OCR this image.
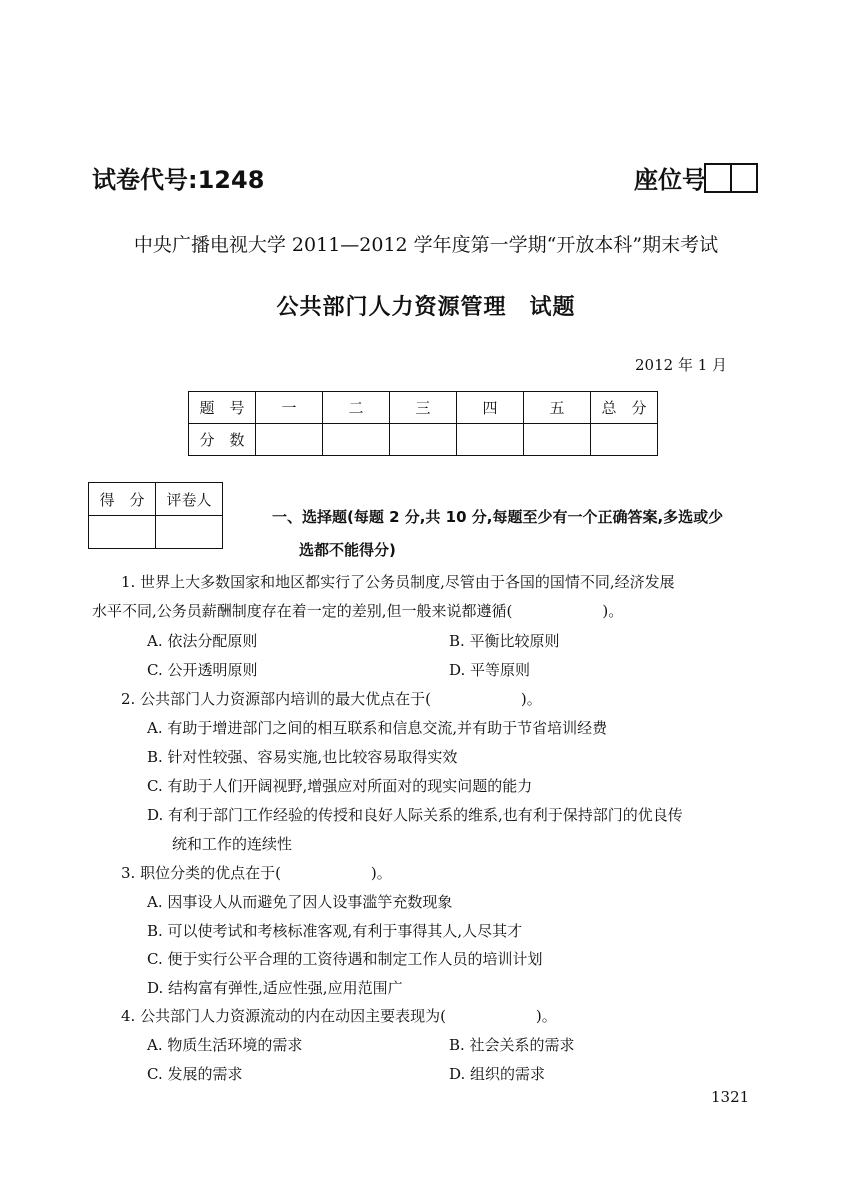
试卷代号:1248	座位号
中央广播电视大学 2011—2012 学年度第一学期“开放本科”期末考试
公共部门人力资源管理　试题
2012 年 1 月
题　号	一	二	三	四	五	总　分
分　数						
得　分	评卷人

一、选择题(每题 2 分,共 10 分,每题至少有一个正确答案,多选或少
选都不能得分)
1. 世界上大多数国家和地区都实行了公务员制度,尽管由于各国的国情不同,经济发展
水平不同,公务员薪酬制度存在着一定的差别,但一般来说都遵循(　　　　　　)。
A. 依法分配原则	B. 平衡比较原则
C. 公开透明原则	D. 平等原则
2. 公共部门人力资源部内培训的最大优点在于(　　　　　　)。
A. 有助于增进部门之间的相互联系和信息交流,并有助于节省培训经费
B. 针对性较强、容易实施,也比较容易取得实效
C. 有助于人们开阔视野,增强应对所面对的现实问题的能力
D. 有利于部门工作经验的传授和良好人际关系的维系,也有利于保持部门的优良传
统和工作的连续性
3. 职位分类的优点在于(　　　　　　)。
A. 因事设人从而避免了因人设事滥竽充数现象
B. 可以使考试和考核标准客观,有利于事得其人,人尽其才
C. 便于实行公平合理的工资待遇和制定工作人员的培训计划
D. 结构富有弹性,适应性强,应用范围广
4. 公共部门人力资源流动的内在动因主要表现为(　　　　　　)。
A. 物质生活环境的需求	B. 社会关系的需求
C. 发展的需求	D. 组织的需求
1321
